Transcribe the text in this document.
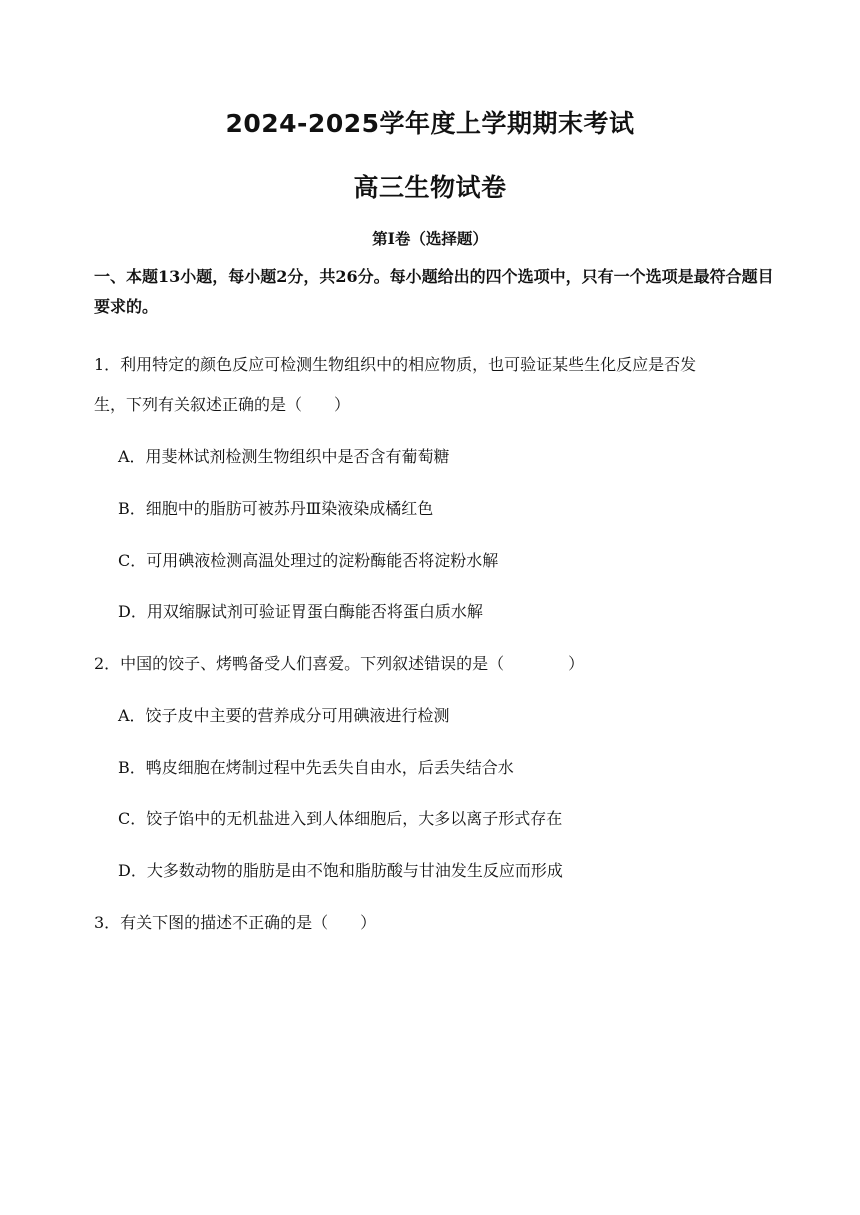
2024-2025学年度上学期期末考试
高三生物试卷
第Ⅰ卷（选择题）
一、本题13小题，每小题2分，共26分。每小题给出的四个选项中，只有一个选项是最符合题目要求的。
1．利用特定的颜色反应可检测生物组织中的相应物质，也可验证某些生化反应是否发
生，下列有关叙述正确的是（　　）
A．用斐林试剂检测生物组织中是否含有葡萄糖
B．细胞中的脂肪可被苏丹Ⅲ染液染成橘红色
C．可用碘液检测高温处理过的淀粉酶能否将淀粉水解
D．用双缩脲试剂可验证胃蛋白酶能否将蛋白质水解
2．中国的饺子、烤鸭备受人们喜爱。下列叙述错误的是（　　　　）
A．饺子皮中主要的营养成分可用碘液进行检测
B．鸭皮细胞在烤制过程中先丢失自由水，后丢失结合水
C．饺子馅中的无机盐进入到人体细胞后，大多以离子形式存在
D．大多数动物的脂肪是由不饱和脂肪酸与甘油发生反应而形成
3．有关下图的描述不正确的是（　　）
